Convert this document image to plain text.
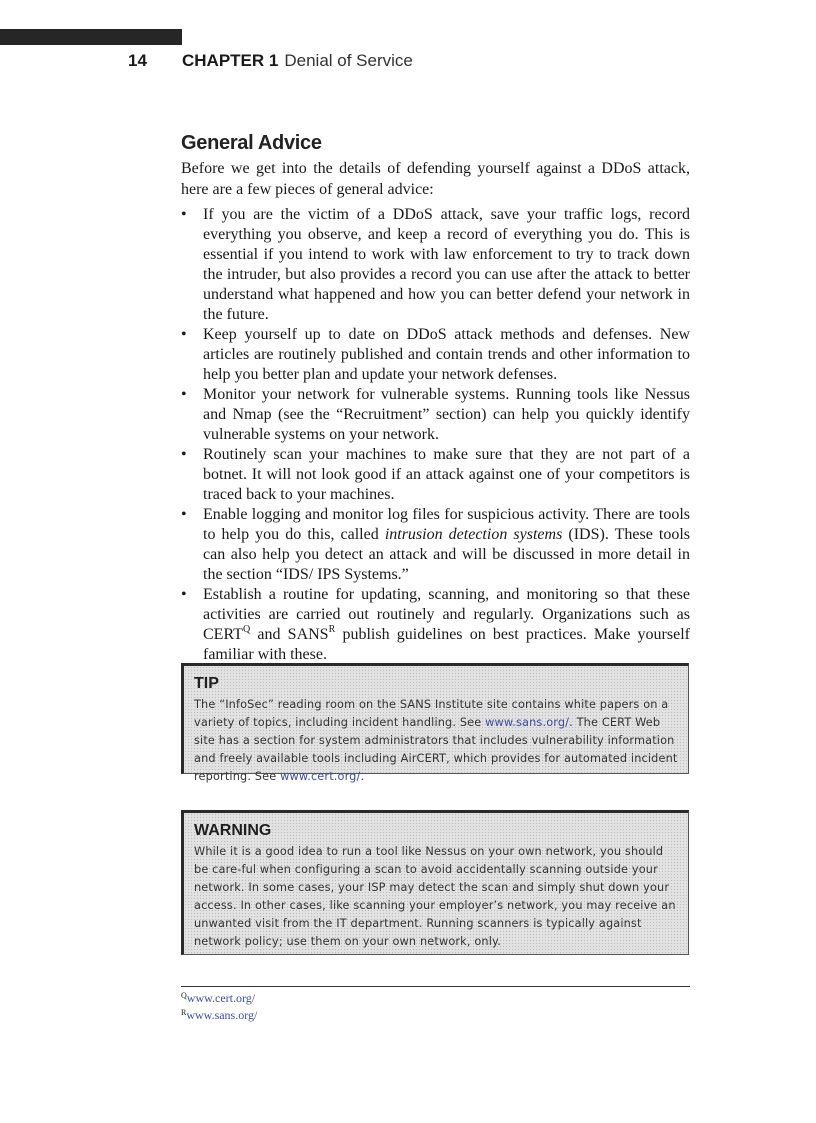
14 CHAPTER 1 Denial of Service
General Advice

Before we get into the details of defending yourself against a DDoS attack, here are a few pieces of general advice:

• If you are the victim of a DDoS attack, save your traffic logs, record everything you observe, and keep a record of everything you do. This is essential if you intend to work with law enforcement to try to track down the intruder, but also provides a record you can use after the attack to better understand what happened and how you can better defend your network in the future.
• Keep yourself up to date on DDoS attack methods and defenses. New articles are routinely published and contain trends and other information to help you better plan and update your network defenses.
• Monitor your network for vulnerable systems. Running tools like Nessus and Nmap (see the “Recruitment” section) can help you quickly identify vulnerable systems on your network.
• Routinely scan your machines to make sure that they are not part of a botnet. It will not look good if an attack against one of your competitors is traced back to your machines.
• Enable logging and monitor log files for suspicious activity. There are tools to help you do this, called intrusion detection systems (IDS). These tools can also help you detect an attack and will be discussed in more detail in the section “IDS/ IPS Systems.”
• Establish a routine for updating, scanning, and monitoring so that these activities are carried out routinely and regularly. Organizations such as $CERT^Q$ and $SANS^R$ publish guidelines on best practices. Make yourself familiar with these.
TIP
The “InfoSec” reading room on the SANS Institute site contains white papers on a variety of topics, including incident handling. See www.sans.org/. The CERT Web site has a section for system administrators that includes vulnerability information and freely available tools including AirCERT, which provides for automated incident reporting. See www.cert.org/.
WARNING
While it is a good idea to run a tool like Nessus on your own network, you should be care-ful when configuring a scan to avoid accidentally scanning outside your network. In some cases, your ISP may detect the scan and simply shut down your access. In other cases, like scanning your employer’s network, you may receive an unwanted visit from the IT department. Running scanners is typically against network policy; use them on your own network, only.
$^Q$www.cert.org/
$^R$www.sans.org/
